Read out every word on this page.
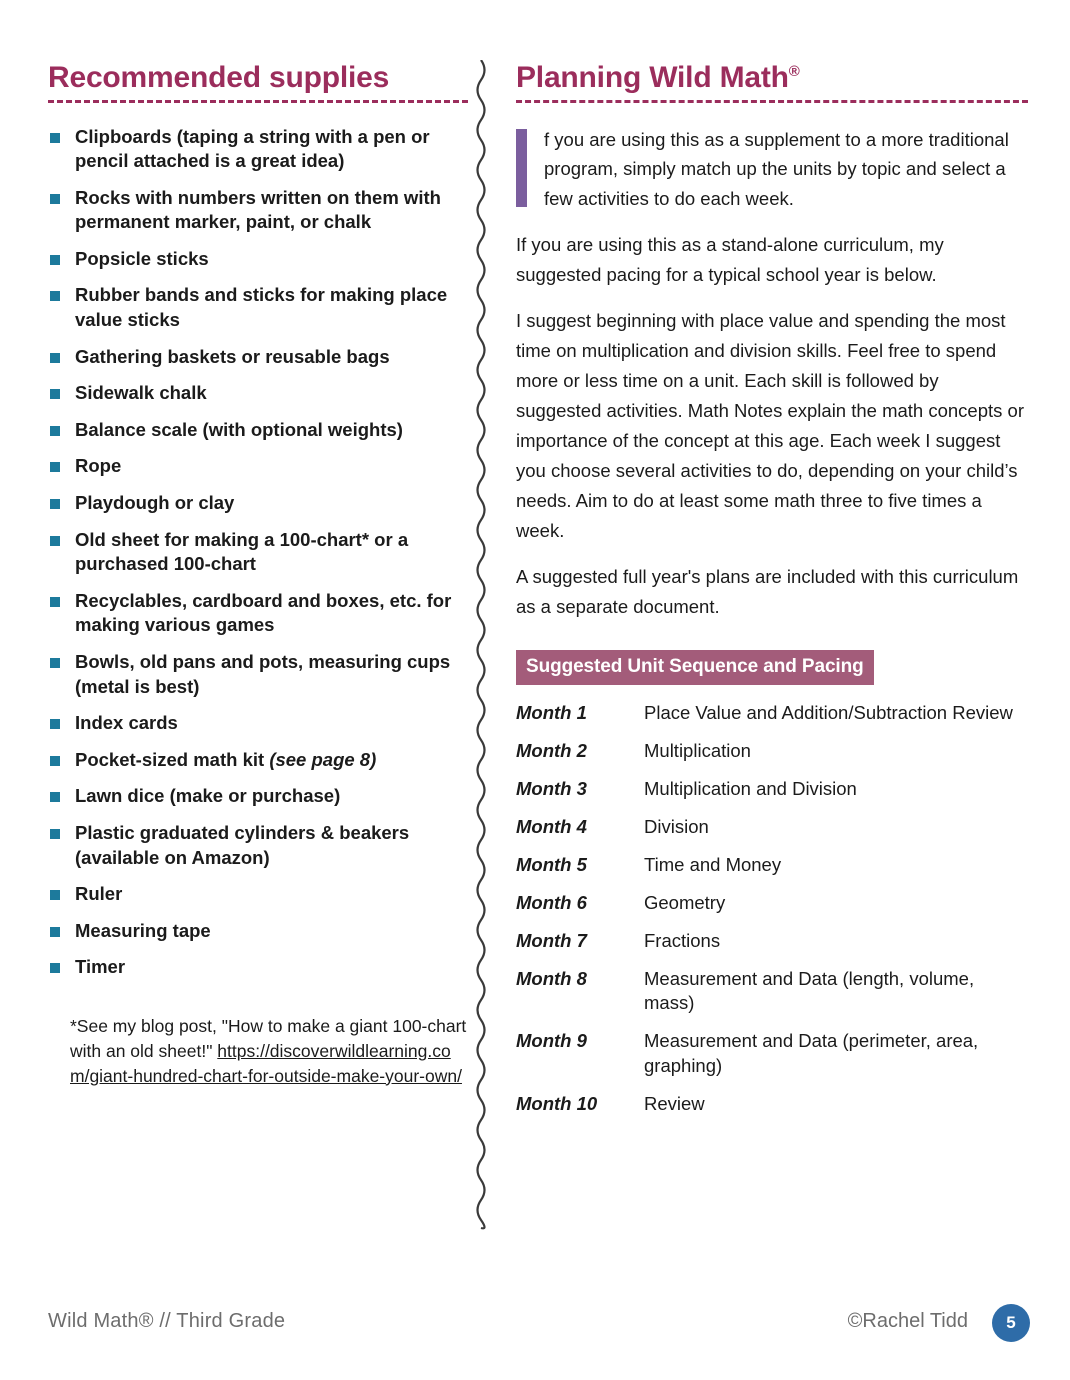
Recommended supplies
Clipboards (taping a string with a pen or pencil attached is a great idea)
Rocks with numbers written on them with permanent marker, paint, or chalk
Popsicle sticks
Rubber bands and sticks for making place value sticks
Gathering baskets or reusable bags
Sidewalk chalk
Balance scale (with optional weights)
Rope
Playdough or clay
Old sheet for making a 100-chart* or a purchased 100-chart
Recyclables, cardboard and boxes, etc. for making various games
Bowls, old pans and pots, measuring cups (metal is best)
Index cards
Pocket-sized math kit (see page 8)
Lawn dice (make or purchase)
Plastic graduated cylinders & beakers (available on Amazon)
Ruler
Measuring tape
Timer
*See my blog post, "How to make a giant 100-chart with an old sheet!" https://discoverwildlearning.com/giant-hundred-chart-for-outside-make-your-own/
Planning Wild Math®

f you are using this as a supplement to a more traditional program, simply match up the units by topic and select a few activities to do each week.

If you are using this as a stand-alone curriculum, my suggested pacing for a typical school year is below.

I suggest beginning with place value and spending the most time on multiplication and division skills. Feel free to spend more or less time on a unit. Each skill is followed by suggested activities. Math Notes explain the math concepts or importance of the concept at this age. Each week I suggest you choose several activities to do, depending on your child’s needs. Aim to do at least some math three to five times a week.

A suggested full year's plans are included with this curriculum as a separate document.

Suggested Unit Sequence and Pacing
Month 1	Place Value and Addition/Subtraction Review
Month 2	Multiplication
Month 3	Multiplication and Division
Month 4	Division
Month 5	Time and Money
Month 6	Geometry
Month 7	Fractions
Month 8	Measurement and Data (length, volume, mass)
Month 9	Measurement and Data (perimeter, area, graphing)
Month 10	Review
Wild Math® // Third Grade	©Rachel Tidd	5
